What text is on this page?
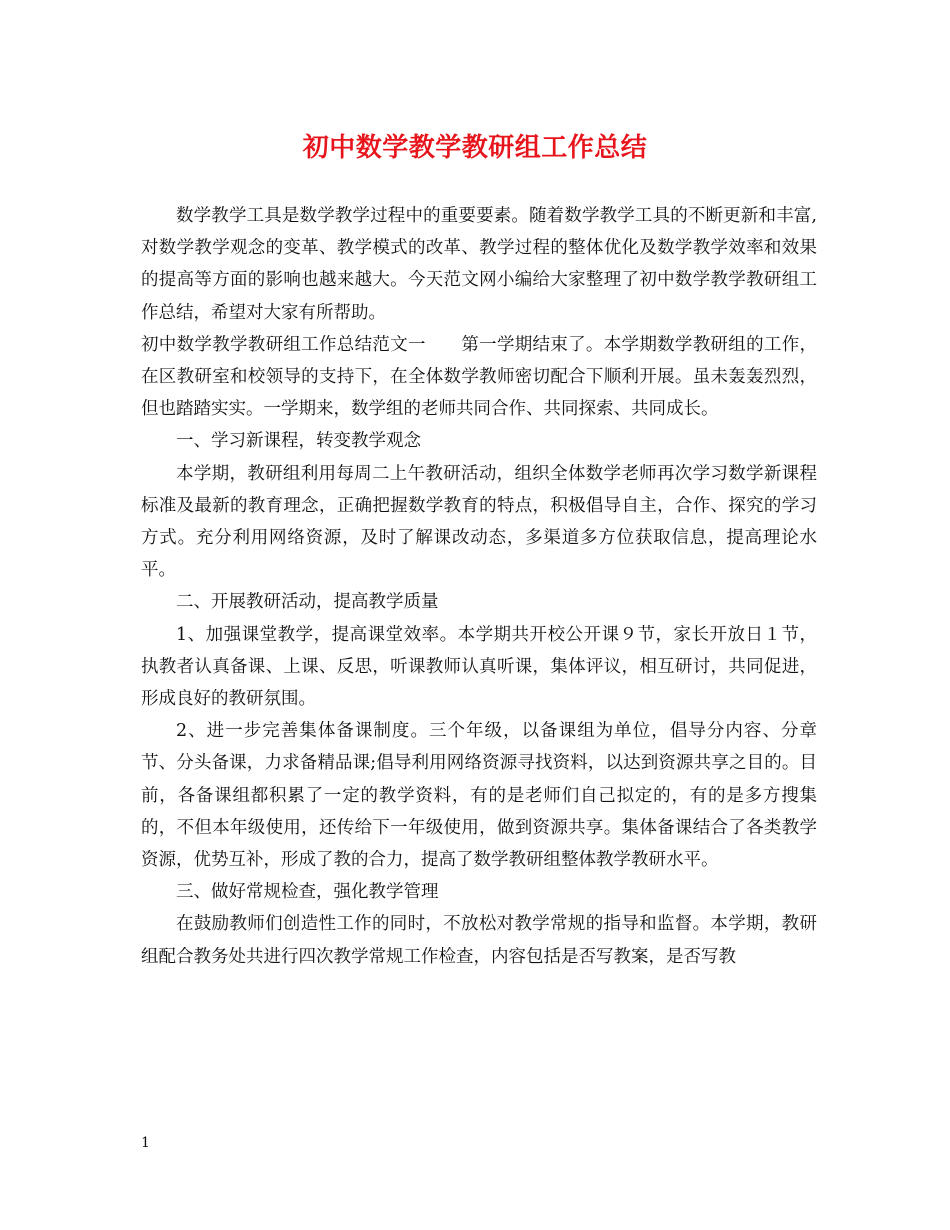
初中数学教学教研组工作总结

数学教学工具是数学教学过程中的重要要素。随着数学教学工具的不断更新和丰富,对数学教学观念的变革、教学模式的改革、教学过程的整体优化及数学教学效率和效果的提高等方面的影响也越来越大。今天范文网小编给大家整理了初中数学教学教研组工作总结，希望对大家有所帮助。

初中数学教学教研组工作总结范文一　　第一学期结束了。本学期数学教研组的工作，在区教研室和校领导的支持下，在全体数学教师密切配合下顺利开展。虽未轰轰烈烈，但也踏踏实实。一学期来，数学组的老师共同合作、共同探索、共同成长。

一、学习新课程，转变教学观念

本学期，教研组利用每周二上午教研活动，组织全体数学老师再次学习数学新课程标准及最新的教育理念，正确把握数学教育的特点，积极倡导自主，合作、探究的学习方式。充分利用网络资源，及时了解课改动态，多渠道多方位获取信息，提高理论水平。

二、开展教研活动，提高教学质量

1、加强课堂教学，提高课堂效率。本学期共开校公开课９节，家长开放日１节，执教者认真备课、上课、反思，听课教师认真听课，集体评议，相互研讨，共同促进，形成良好的教研氛围。

2、进一步完善集体备课制度。三个年级，以备课组为单位，倡导分内容、分章节、分头备课，力求备精品课;倡导利用网络资源寻找资料，以达到资源共享之目的。目前，各备课组都积累了一定的教学资料，有的是老师们自己拟定的，有的是多方搜集的，不但本年级使用，还传给下一年级使用，做到资源共享。集体备课结合了各类教学资源，优势互补，形成了教的合力，提高了数学教研组整体教学教研水平。

三、做好常规检查，强化教学管理

在鼓励教师们创造性工作的同时，不放松对教学常规的指导和监督。本学期，教研组配合教务处共进行四次教学常规工作检查，内容包括是否写教案，是否写教

1
